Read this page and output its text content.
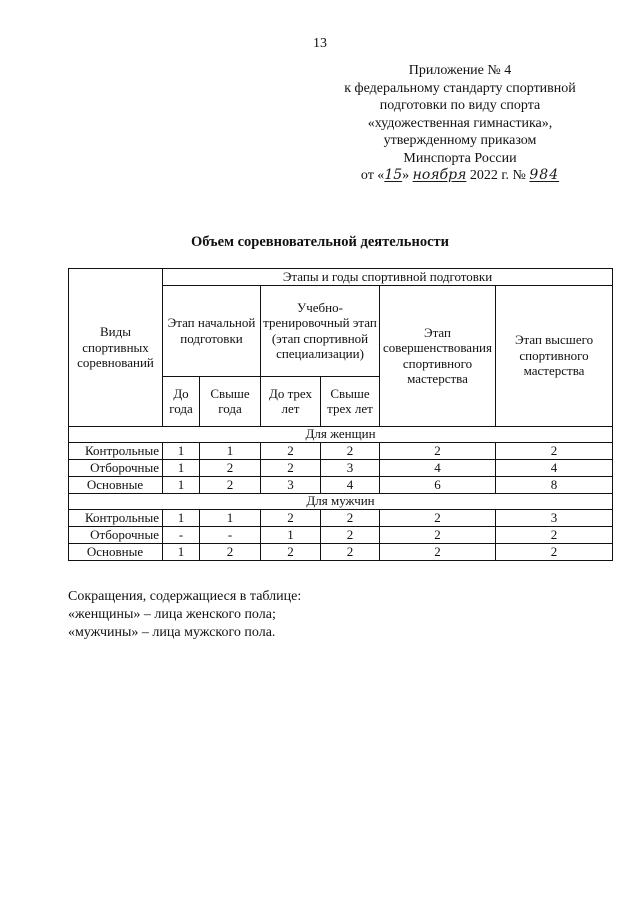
13
Приложение № 4
к федеральному стандарту спортивной
подготовки по виду спорта
«художественная гимнастика»,
утвержденному приказом
Минспорта России
от «15» ноября 2022 г. № 984
Объем соревновательной деятельности
Виды спортивных соревнований	Этапы и годы спортивной подготовки					
	Этап начальной подготовки		Учебно-тренировочный этап (этап спортивной специализации)		Этап совершенствования спортивного мастерства	Этап высшего спортивного мастерства
	До года	Свыше года	До трех лет	Свыше трех лет		
Для женщин						
Контрольные	1	1	2	2	2	2
Отборочные	1	2	2	3	4	4
Основные	1	2	3	4	6	8
Для мужчин						
Контрольные	1	1	2	2	2	3
Отборочные	-	-	1	2	2	2
Основные	1	2	2	2	2	2
Сокращения, содержащиеся в таблице:
«женщины» – лица женского пола;
«мужчины» – лица мужского пола.
